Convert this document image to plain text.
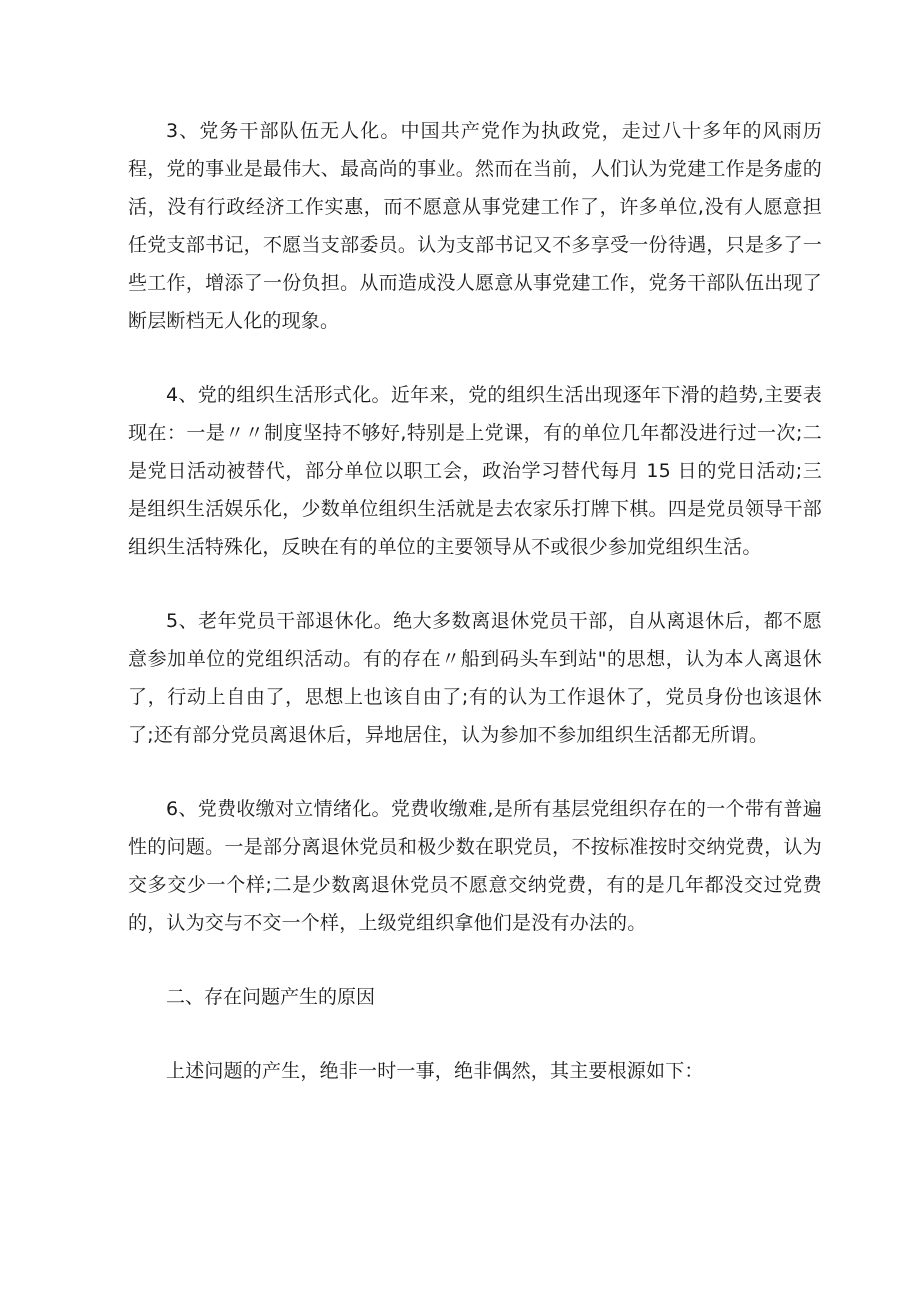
3、党务干部队伍无人化。中国共产党作为执政党，走过八十多年的风雨历程，党的事业是最伟大、最高尚的事业。然而在当前，人们认为党建工作是务虚的活，没有行政经济工作实惠，而不愿意从事党建工作了，许多单位,没有人愿意担任党支部书记，不愿当支部委员。认为支部书记又不多享受一份待遇，只是多了一些工作，增添了一份负担。从而造成没人愿意从事党建工作，党务干部队伍出现了断层断档无人化的现象。

4、党的组织生活形式化。近年来，党的组织生活出现逐年下滑的趋势,主要表现在：一是〃〃制度坚持不够好,特别是上党课，有的单位几年都没进行过一次;二是党日活动被替代，部分单位以职工会，政治学习替代每月 15 日的党日活动;三是组织生活娱乐化，少数单位组织生活就是去农家乐打牌下棋。四是党员领导干部组织生活特殊化，反映在有的单位的主要领导从不或很少参加党组织生活。

5、老年党员干部退休化。绝大多数离退休党员干部，自从离退休后，都不愿意参加单位的党组织活动。有的存在〃船到码头车到站"的思想，认为本人离退休了，行动上自由了，思想上也该自由了;有的认为工作退休了，党员身份也该退休了;还有部分党员离退休后，异地居住，认为参加不参加组织生活都无所谓。

6、党费收缴对立情绪化。党费收缴难,是所有基层党组织存在的一个带有普遍性的问题。一是部分离退休党员和极少数在职党员，不按标准按时交纳党费，认为交多交少一个样;二是少数离退休党员不愿意交纳党费，有的是几年都没交过党费的，认为交与不交一个样，上级党组织拿他们是没有办法的。

二、存在问题产生的原因

上述问题的产生，绝非一时一事，绝非偶然，其主要根源如下：
